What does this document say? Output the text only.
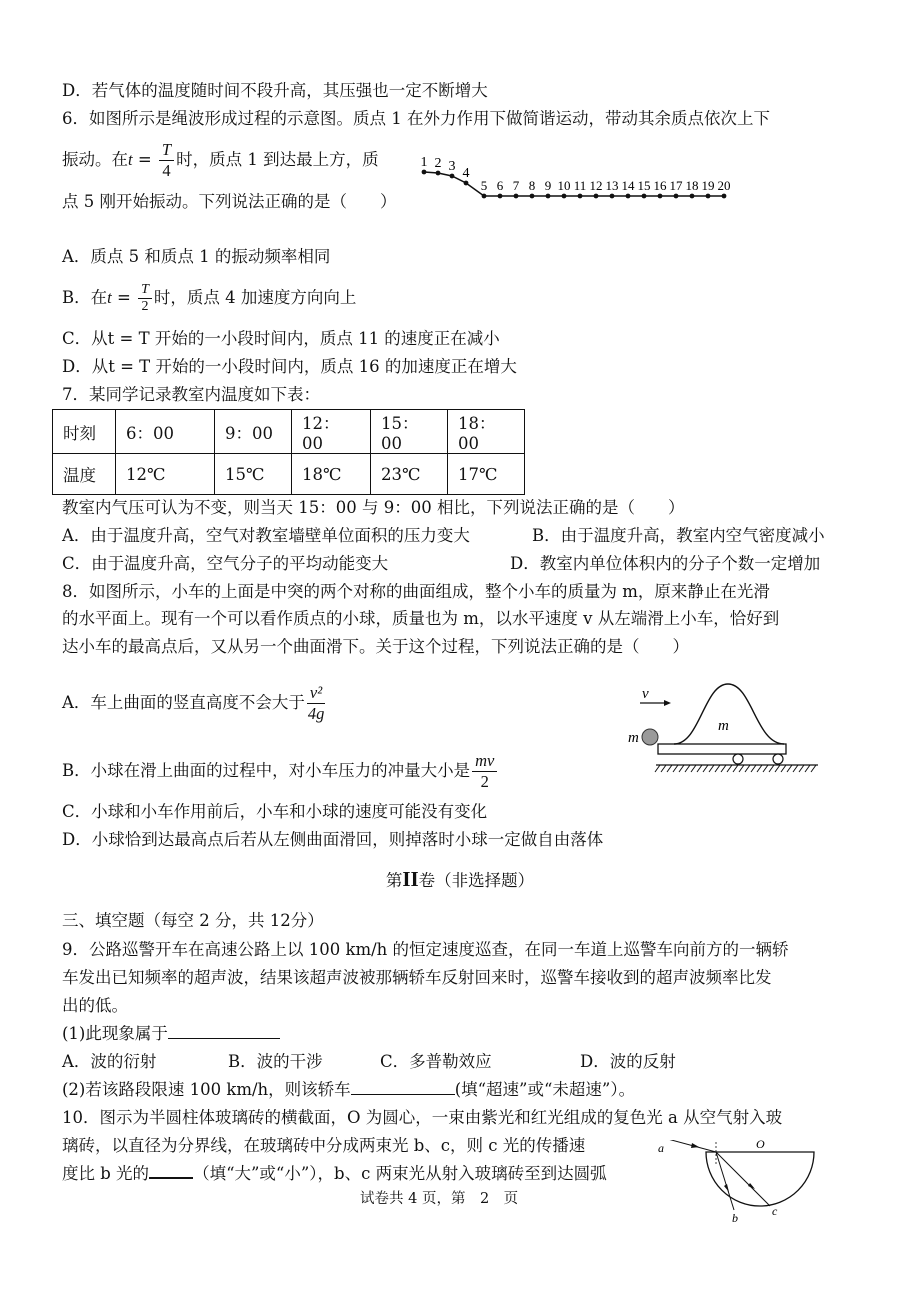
D．若气体的温度随时间不段升高，其压强也一定不断增大
6．如图所示是绳波形成过程的示意图。质点 1 在外力作用下做简谐运动，带动其余质点依次上下
振动。在$t = \frac{T}{4}$ 时，质点 1 到达最上方，质
点 5 刚开始振动。下列说法正确的是（　　）
1 2 3 4
5 6 7 8 9 10 11 12 13 14 15 16 17 18 19 20
A．质点 5 和质点 1 的振动频率相同
B．在$t = \frac{T}{2}$ 时，质点 4 加速度方向向上
C．从t = T 开始的一小段时间内，质点 11 的速度正在减小
D．从t = T 开始的一小段时间内，质点 16 的加速度正在增大
7．某同学记录教室内温度如下表：
时刻	6：00	9：00	12：00	15：00	18：00
温度	12℃	15℃	18℃	23℃	17℃
教室内气压可认为不变，则当天 15：00 与 9：00 相比，下列说法正确的是（　　）
A．由于温度升高，空气对教室墙壁单位面积的压力变大	B．由于温度升高，教室内空气密度减小
C．由于温度升高，空气分子的平均动能变大	D．教室内单位体积内的分子个数一定增加
8．如图所示，小车的上面是中突的两个对称的曲面组成，整个小车的质量为 m，原来静止在光滑
的水平面上。现有一个可以看作质点的小球，质量也为 m，以水平速度 v 从左端滑上小车，恰好到
达小车的最高点后，又从另一个曲面滑下。关于这个过程，下列说法正确的是（　　）
A．车上曲面的竖直高度不会大于 $\frac{\text{v²}}{4g}$
B．小球在滑上曲面的过程中，对小车压力的冲量大小是 $\frac{mv}{2}$
C．小球和小车作用前后，小车和小球的速度可能没有变化
D．小球恰到达最高点后若从左侧曲面滑回，则掉落时小球一定做自由落体
v
m
m
第II卷（非选择题）
三、填空题（每空 2 分，共 12分）
9．公路巡警开车在高速公路上以 100 km/h 的恒定速度巡查，在同一车道上巡警车向前方的一辆轿
车发出已知频率的超声波，结果该超声波被那辆轿车反射回来时，巡警车接收到的超声波频率比发
出的低。
(1)此现象属于
A．波的衍射	B．波的干涉	C．多普勒效应	D．波的反射
(2)若该路段限速 100 km/h，则该轿车	(填“超速”或“未超速”）。
10．图示为半圆柱体玻璃砖的横截面，O 为圆心，一束由紫光和红光组成的复色光 a 从空气射入玻
璃砖，以直径为分界线，在玻璃砖中分成两束光 b、c，则 c 光的传播速
度比 b 光的	（填“大”或“小”），b、c 两束光从射入玻璃砖至到达圆弧
a	O
b	c
试卷共 4 页，第　2　页
